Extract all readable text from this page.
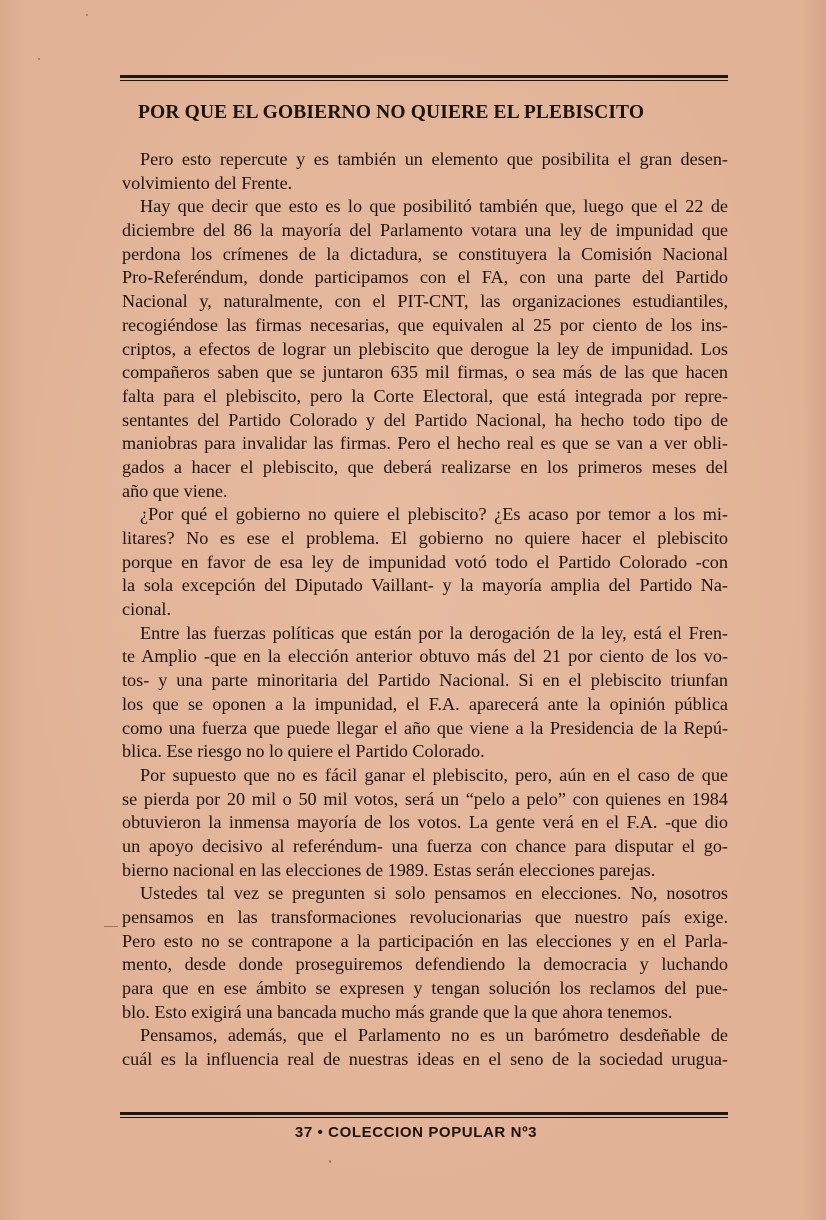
POR QUE EL GOBIERNO NO QUIERE EL PLEBISCITO
Pero esto repercute y es también un elemento que posibilita el gran desen-
volvimiento del Frente.
Hay que decir que esto es lo que posibilitó también que, luego que el 22 de
diciembre del 86 la mayoría del Parlamento votara una ley de impunidad que
perdona los crímenes de la dictadura, se constituyera la Comisión Nacional
Pro-Referéndum, donde participamos con el FA, con una parte del Partido
Nacional y, naturalmente, con el PIT-CNT, las organizaciones estudiantiles,
recogiéndose las firmas necesarias, que equivalen al 25 por ciento de los ins-
criptos, a efectos de lograr un plebiscito que derogue la ley de impunidad. Los
compañeros saben que se juntaron 635 mil firmas, o sea más de las que hacen
falta para el plebiscito, pero la Corte Electoral, que está integrada por repre-
sentantes del Partido Colorado y del Partido Nacional, ha hecho todo tipo de
maniobras para invalidar las firmas. Pero el hecho real es que se van a ver obli-
gados a hacer el plebiscito, que deberá realizarse en los primeros meses del
año que viene.
¿Por qué el gobierno no quiere el plebiscito? ¿Es acaso por temor a los mi-
litares? No es ese el problema. El gobierno no quiere hacer el plebiscito
porque en favor de esa ley de impunidad votó todo el Partido Colorado -con
la sola excepción del Diputado Vaillant- y la mayoría amplia del Partido Na-
cional.
Entre las fuerzas políticas que están por la derogación de la ley, está el Fren-
te Amplio -que en la elección anterior obtuvo más del 21 por ciento de los vo-
tos- y una parte minoritaria del Partido Nacional. Si en el plebiscito triunfan
los que se oponen a la impunidad, el F.A. aparecerá ante la opinión pública
como una fuerza que puede llegar el año que viene a la Presidencia de la Repú-
blica. Ese riesgo no lo quiere el Partido Colorado.
Por supuesto que no es fácil ganar el plebiscito, pero, aún en el caso de que
se pierda por 20 mil o 50 mil votos, será un “pelo a pelo” con quienes en 1984
obtuvieron la inmensa mayoría de los votos. La gente verá en el F.A. -que dio
un apoyo decisivo al referéndum- una fuerza con chance para disputar el go-
bierno nacional en las elecciones de 1989. Estas serán elecciones parejas.
Ustedes tal vez se pregunten si solo pensamos en elecciones. No, nosotros
pensamos en las transformaciones revolucionarias que nuestro país exige.
Pero esto no se contrapone a la participación en las elecciones y en el Parla-
mento, desde donde proseguiremos defendiendo la democracia y luchando
para que en ese ámbito se expresen y tengan solución los reclamos del pue-
blo. Esto exigirá una bancada mucho más grande que la que ahora tenemos.
Pensamos, además, que el Parlamento no es un barómetro desdeñable de
cuál es la influencia real de nuestras ideas en el seno de la sociedad urugua-
37 • COLECCION POPULAR Nº3
